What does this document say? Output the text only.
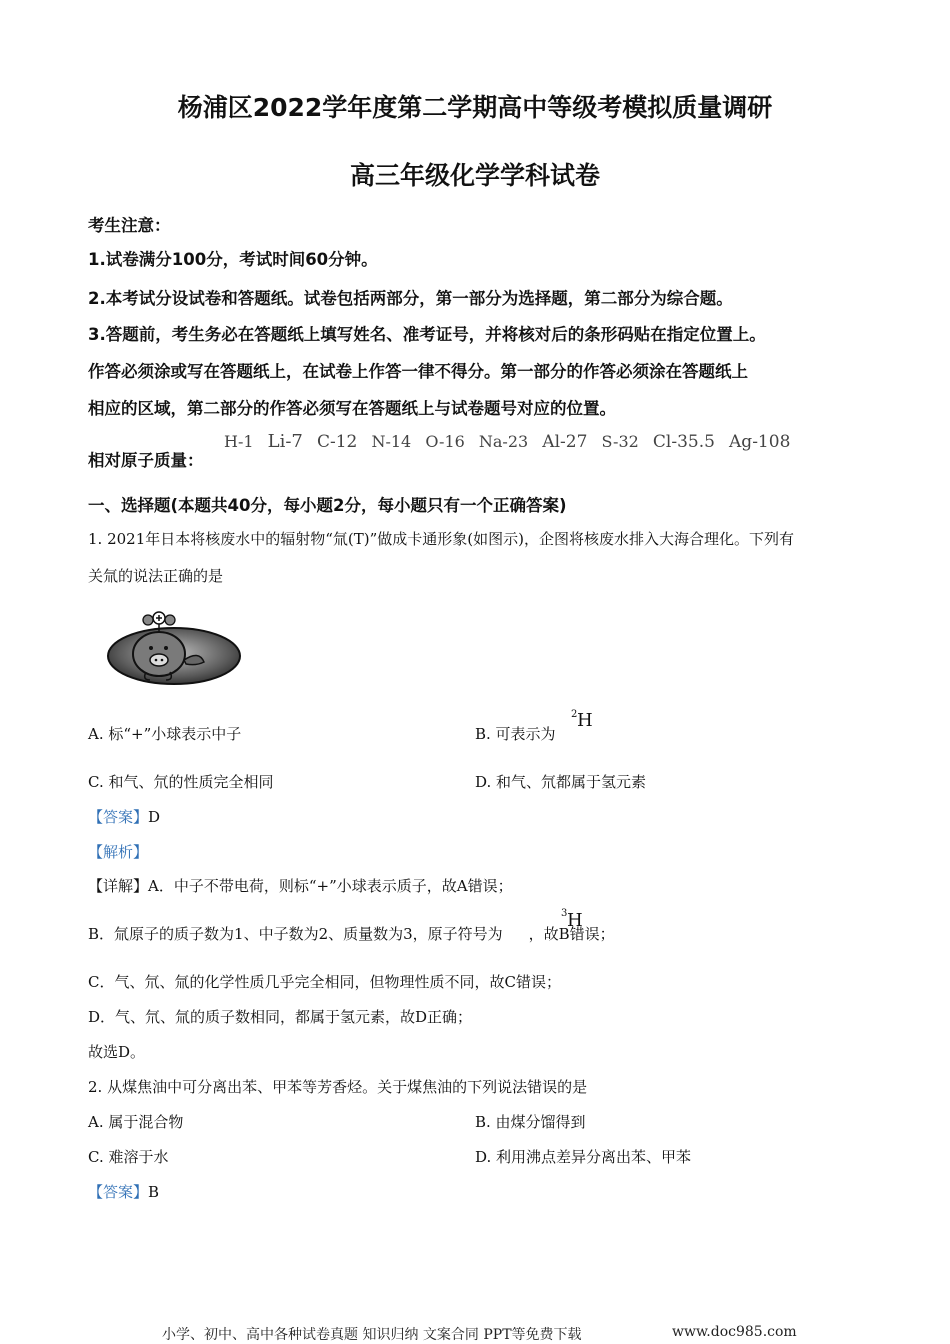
杨浦区2022学年度第二学期高中等级考模拟质量调研
高三年级化学学科试卷
考生注意：
1.试卷满分100分，考试时间60分钟。
2.本考试分设试卷和答题纸。试卷包括两部分，第一部分为选择题，第二部分为综合题。
3.答题前，考生务必在答题纸上填写姓名、准考证号，并将核对后的条形码贴在指定位置上。
作答必须涂或写在答题纸上，在试卷上作答一律不得分。第一部分的作答必须涂在答题纸上
相应的区域，第二部分的作答必须写在答题纸上与试卷题号对应的位置。
相对原子质量：
H-1 Li-7 C-12 N-14 O-16 Na-23 Al-27 S-32 Cl-35.5 Ag-108
一、选择题(本题共40分，每小题2分，每小题只有一个正确答案)
1. 2021年日本将核废水中的辐射物“氚(T)”做成卡通形象(如图示)，企图将核废水排入大海合理化。下列有
关氚的说法正确的是
A. 标“+”小球表示中子	B. 可表示为
2 H
C. 和气、氘的性质完全相同	D. 和气、氘都属于氢元素
【答案】D
【解析】
【详解】A．中子不带电荷，则标“+”小球表示质子，故A错误；
B．氚原子的质子数为1、中子数为2、质量数为3，原子符号为 ，故B错误；
3 H
C．气、氘、氚的化学性质几乎完全相同，但物理性质不同，故C错误；
D．气、氘、氚的质子数相同，都属于氢元素，故D正确；
故选D。
2. 从煤焦油中可分离出苯、甲苯等芳香烃。关于煤焦油的下列说法错误的是
A. 属于混合物	B. 由煤分馏得到
C. 难溶于水	D. 利用沸点差异分离出苯、甲苯
【答案】B
小学、初中、高中各种试卷真题 知识归纳 文案合同 PPT等免费下载	www.doc985.com
